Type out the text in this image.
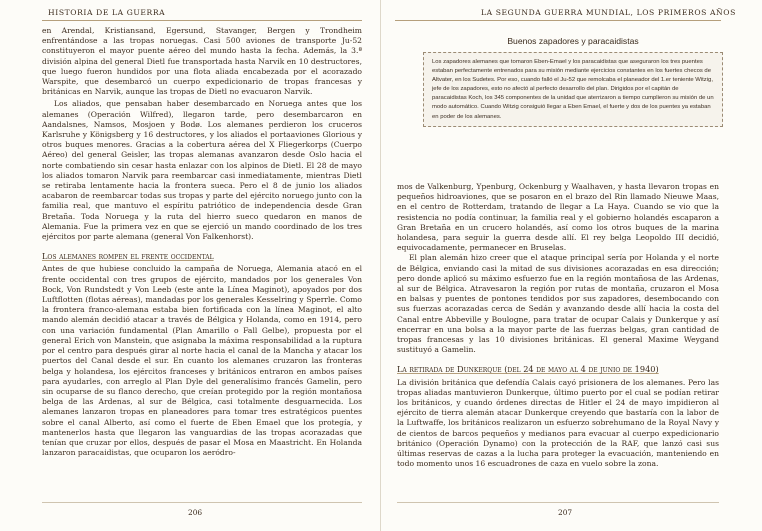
HISTORIA DE LA GUERRA

en Arendal, Kristiansand, Egersund, Stavanger, Bergen y Trondheim enfrentándose a las tropas noruegas. Casi 500 aviones de transporte Ju-52 constituyeron el mayor puente aéreo del mundo hasta la fecha. Además, la 3.ª división alpina del general Dietl fue transportada hasta Narvik en 10 destructores, que luego fueron hundidos por una flota aliada encabezada por el acorazado Warspite, que desembarcó un cuerpo expedicionario de tropas francesas y británicas en Narvik, aunque las tropas de Dietl no evacuaron Narvik.

Los aliados, que pensaban haber desembarcado en Noruega antes que los alemanes (Operación Wilfred), llegaron tarde, pero desembarcaron en Aandalsnes, Namsos, Mosjoen y Bodø. Los alemanes perdieron los cruceros Karlsruhe y Königsberg y 16 destructores, y los aliados el portaaviones Glorious y otros buques menores. Gracias a la cobertura aérea del X Fliegerkorps (Cuerpo Aéreo) del general Geisler, las tropas alemanas avanzaron desde Oslo hacia el norte combatiendo sin cesar hasta enlazar con los alpinos de Dietl. El 28 de mayo los aliados tomaron Narvik para reembarcar casi inmediatamente, mientras Dietl se retiraba lentamente hacia la frontera sueca. Pero el 8 de junio los aliados acabaron de reembarcar todas sus tropas y parte del ejército noruego junto con la familia real, que mantuvo el espíritu patriótico de independencia desde Gran Bretaña. Toda Noruega y la ruta del hierro sueco quedaron en manos de Alemania. Fue la primera vez en que se ejerció un mando coordinado de los tres ejércitos por parte alemana (general Von Falkenhorst).

Los alemanes rompen el frente occidental

Antes de que hubiese concluido la campaña de Noruega, Alemania atacó en el frente occidental con tres grupos de ejército, mandados por los generales Von Bock, Von Rundstedt y Von Leeb (este ante la Línea Maginot), apoyados por dos Luftflotten (flotas aéreas), mandadas por los generales Kesselring y Sperrle. Como la frontera franco-alemana estaba bien fortificada con la línea Maginot, el alto mando alemán decidió atacar a través de Bélgica y Holanda, como en 1914, pero con una variación fundamental (Plan Amarillo o Fall Gelbe), propuesta por el general Erich von Manstein, que asignaba la máxima responsabilidad a la ruptura por el centro para después girar al norte hacia el canal de la Mancha y atacar los puertos del Canal desde el sur. En cuanto los alemanes cruzaron las fronteras belga y holandesa, los ejércitos franceses y británicos entraron en ambos países para ayudarles, con arreglo al Plan Dyle del generalísimo francés Gamelin, pero sin ocuparse de su flanco derecho, que creían protegido por la región montañosa belga de las Ardenas, al sur de Bélgica, casi totalmente desguarnecida. Los alemanes lanzaron tropas en planeadores para tomar tres estratégicos puentes sobre el canal Alberto, así como el fuerte de Eben Emael que los protegía, y mantenerlos hasta que llegaron las vanguardias de las tropas acorazadas que tenían que cruzar por ellos, después de pasar el Mosa en Maastricht. En Holanda lanzaron paracaidistas, que ocuparon los aeródro-

206
LA SEGUNDA GUERRA MUNDIAL, LOS PRIMEROS AÑOS
Buenos zapadores y paracaidistas
Los zapadores alemanes que tomaron Eben-Emael y los paracaidistas que aseguraron los tres puentes estaban perfectamente entrenados para su misión mediante ejercicios constantes en los fuertes checos de Altvater, en los Sudetes. Por eso, cuando falló el Ju-52 que remolcaba el planeador del 1.er teniente Witzig, jefe de los zapadores, esto no afectó al perfecto desarrollo del plan. Dirigidos por el capitán de paracaidistas Koch, los 345 componentes de la unidad que aterrizaron a tiempo cumplieron su misión de un modo automático. Cuando Witzig consiguió llegar a Eben Emael, el fuerte y dos de los puentes ya estaban en poder de los alemanes.

mos de Valkenburg, Ypenburg, Ockenburg y Waalhaven, y hasta llevaron tropas en pequeños hidroaviones, que se posaron en el brazo del Rin llamado Nieuwe Maas, en el centro de Rotterdam, tratando de llegar a La Haya. Cuando se vio que la resistencia no podía continuar, la familia real y el gobierno holandés escaparon a Gran Bretaña en un crucero holandés, así como los otros buques de la marina holandesa, para seguir la guerra desde allí. El rey belga Leopoldo III decidió, equivocadamente, permanecer en Bruselas.

El plan alemán hizo creer que el ataque principal sería por Holanda y el norte de Bélgica, enviando casi la mitad de sus divisiones acorazadas en esa dirección; pero donde aplicó su máximo esfuerzo fue en la región montañosa de las Ardenas, al sur de Bélgica. Atravesaron la región por rutas de montaña, cruzaron el Mosa en balsas y puentes de pontones tendidos por sus zapadores, desembocando con sus fuerzas acorazadas cerca de Sedán y avanzando desde allí hacia la costa del Canal entre Abbeville y Boulogne, para tratar de ocupar Calais y Dunkerque y así encerrar en una bolsa a la mayor parte de las fuerzas belgas, gran cantidad de tropas francesas y las 10 divisiones británicas. El general Maxime Weygand sustituyó a Gamelin.

La retirada de Dunkerque (del 24 de mayo al 4 de junio de 1940)

La división británica que defendía Calais cayó prisionera de los alemanes. Pero las tropas aliadas mantuvieron Dunkerque, último puerto por el cual se podían retirar los británicos, y cuando órdenes directas de Hitler el 24 de mayo impidieron al ejército de tierra alemán atacar Dunkerque creyendo que bastaría con la labor de la Luftwaffe, los británicos realizaron un esfuerzo sobrehumano de la Royal Navy y de cientos de barcos pequeños y medianos para evacuar al cuerpo expedicionario británico (Operación Dynamo) con la protección de la RAF, que lanzó casi sus últimas reservas de cazas a la lucha para proteger la evacuación, manteniendo en todo momento unos 16 escuadrones de caza en vuelo sobre la zona.

207
